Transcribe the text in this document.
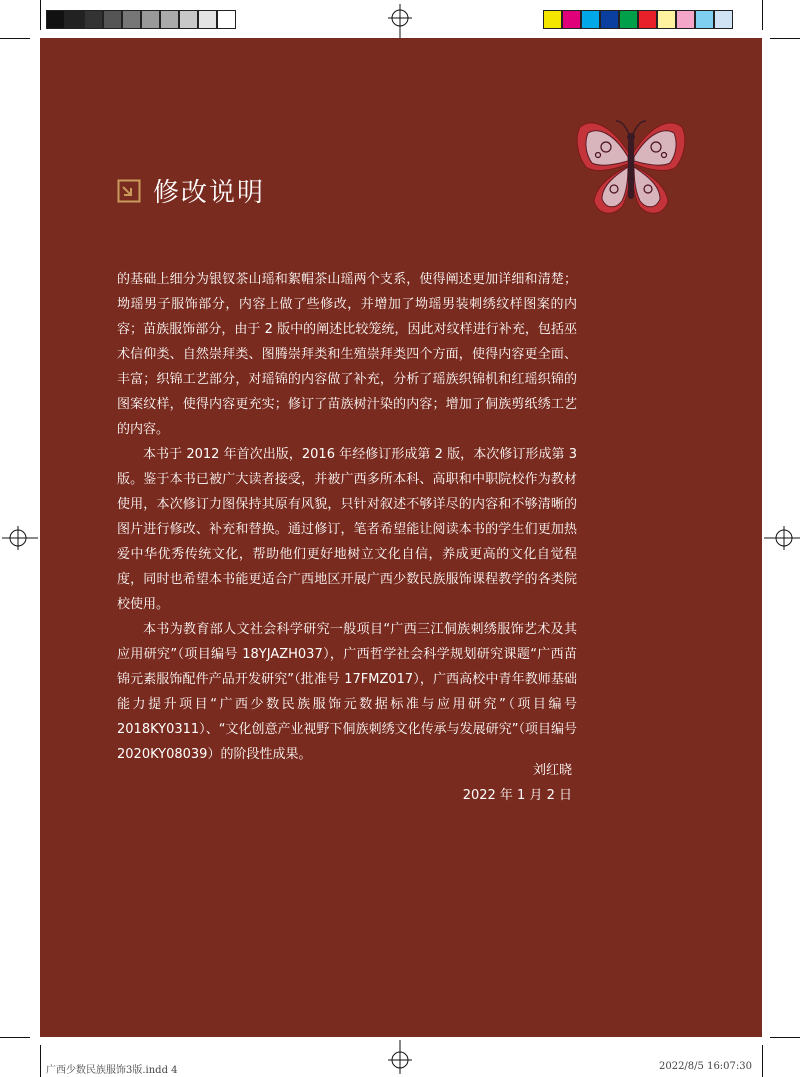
修改说明

的基础上细分为银钗茶山瑶和絮帽茶山瑶两个支系，使得阐述更加详细和清楚；坳瑶男子服饰部分，内容上做了些修改，并增加了坳瑶男装刺绣纹样图案的内容；苗族服饰部分，由于 2 版中的阐述比较笼统，因此对纹样进行补充，包括巫术信仰类、自然崇拜类、图腾崇拜类和生殖崇拜类四个方面，使得内容更全面、丰富；织锦工艺部分，对瑶锦的内容做了补充，分析了瑶族织锦机和红瑶织锦的图案纹样，使得内容更充实；修订了苗族树汁染的内容；增加了侗族剪纸绣工艺的内容。

本书于 2012 年首次出版，2016 年经修订形成第 2 版，本次修订形成第 3 版。鉴于本书已被广大读者接受，并被广西多所本科、高职和中职院校作为教材使用，本次修订力图保持其原有风貌，只针对叙述不够详尽的内容和不够清晰的图片进行修改、补充和替换。通过修订，笔者希望能让阅读本书的学生们更加热爱中华优秀传统文化，帮助他们更好地树立文化自信，养成更高的文化自觉程度，同时也希望本书能更适合广西地区开展广西少数民族服饰课程教学的各类院校使用。

本书为教育部人文社会科学研究一般项目“广西三江侗族刺绣服饰艺术及其应用研究”（项目编号 18YJAZH037），广西哲学社会科学规划研究课题“广西苗锦元素服饰配件产品开发研究”（批准号 17FMZ017），广西高校中青年教师基础能力提升项目“广西少数民族服饰元数据标准与应用研究”（项目编号 2018KY0311）、“文化创意产业视野下侗族刺绣文化传承与发展研究”（项目编号 2020KY08039）的阶段性成果。

刘红晓
2022 年 1 月 2 日
广西少数民族服饰3版.indd 4	2022/8/5 16:07:30
